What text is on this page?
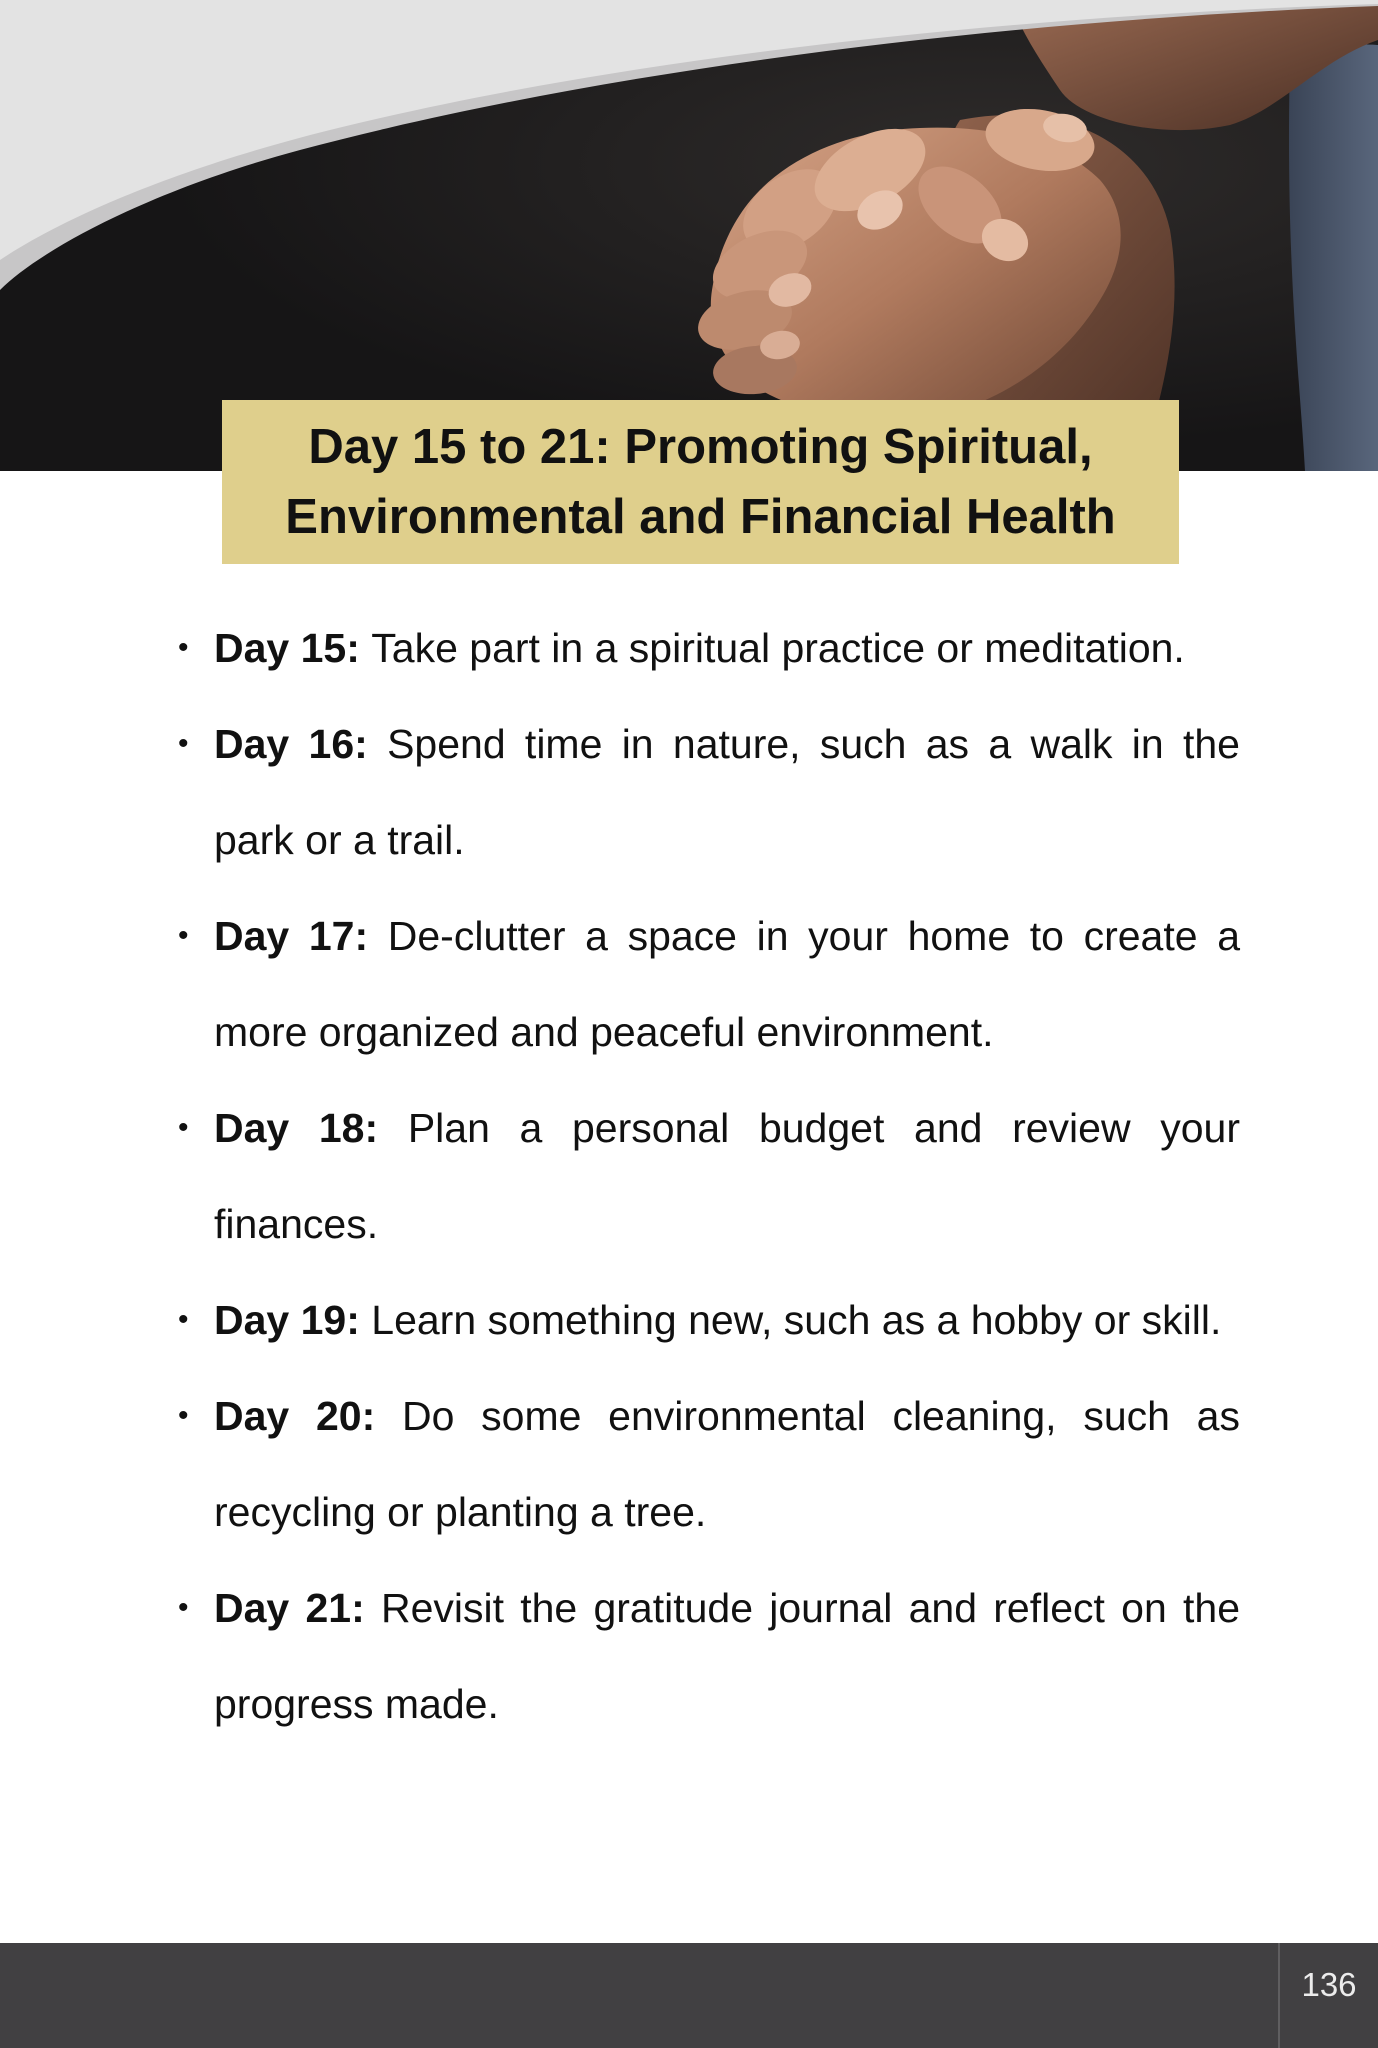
Day 15 to 21: Promoting Spiritual,
Environmental and Financial Health
• Day 15: Take part in a spiritual practice or meditation.
• Day 16: Spend time in nature, such as a walk in the park or a trail.
• Day 17: De-clutter a space in your home to create a more organized and peaceful environment.
• Day 18: Plan a personal budget and review your finances.
• Day 19: Learn something new, such as a hobby or skill.
• Day 20: Do some environmental cleaning, such as recycling or planting a tree.
• Day 21: Revisit the gratitude journal and reflect on the progress made.
136
